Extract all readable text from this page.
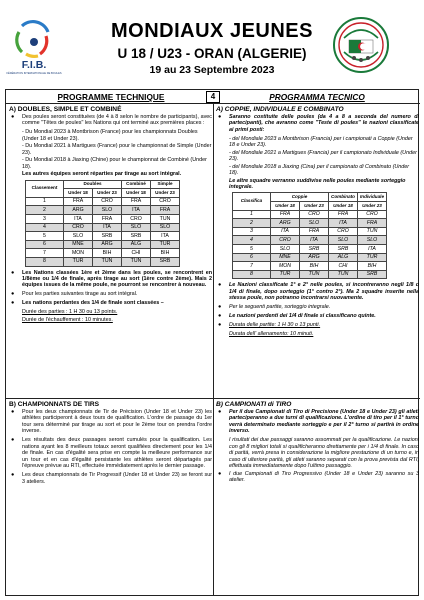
F.I.B.
FÉDÉRATION INTERNATIONALE DE BOULES
MONDIAUX JEUNES
U 18 / U23 - ORAN (ALGERIE)
19 au 23 Septembre 2023
PROGRAMME TECHNIQUE	4	PROGRAMMA TECNICO
A) DOUBLES, SIMPLE ET COMBINÉ
● Des poules seront constituées (de 4 à 8 selon le nombre de participants), avec comme "Têtes de poules" les Nations qui ont terminé aux premières places :
- Du Mondial 2023 à Montbrison (France) pour les championnats Doubles (Under 18 et Under 23).
- Du Mondial 2021 à Martigues (France) pour le championnat de Simple (Under 23).
- Du Mondial 2018 à Jiaxing (Chine) pour le championnat de Combiné (Under 18).
Les autres équipes seront réparties par tirage au sort intégral.
Classement	Doubles		Combiné	Simple
	Under 18	Under 23	Under 18	Under 23
1	FRA	CRO	FRA	CRO
2	ARG	SLO	ITA	FRA
3	ITA	FRA	CRO	TUN
4	CRO	ITA	SLO	SLO
5	SLO	SRB	SRB	ITA
6	MNE	ARG	ALG	TUR
7	MON	BIH	CHI	BIH
8	TUR	TUN	TUN	SRB
● Les Nations classées 1ère et 2ème dans les poules, se rencontrent en 1/8ème ou 1/4 de finale, après tirage au sort (1ère contre 2ème). Mais 2 équipes issues de la même poule, ne pourront se rencontrer à nouveau.
● Pour les parties suivantes tirage au sort intégral.
● Les nations perdantes des 1/4 de finale sont classées –
Durée des parties : 1 H 30 ou 13 points.
Durée de l'échauffement : 10 minutes.
B) CHAMPIONNATS DE TIRS
● Pour les deux championnats de Tir de Précision (Under 18 et Under 23) les athlètes participeront à deux tours de qualification. L'ordre de passage du 1er tour sera déterminé par tirage au sort et pour le 2ème tour on prendra l'ordre inverse.
● Les résultats des deux passages seront cumulés pour la qualification. Les nations ayant les 8 meilleurs totaux seront qualifiées directement pour les 1/4 de finale. En cas d'égalité sera prise en compte la meilleure performance sur un tour et en cas d'égalité persistante les athlètes seront départagés par l'épreuve prévue au RTI, effectuée immédiatement après le dernier passage.
● Les deux championnats de Tir Progressif (Under 18 et Under 23) se feront sur 3 ateliers.
A) COPPIE, INDIVIDUALE E COMBINATO
● Saranno costituite delle poules (da 4 a 8 a seconda del numero di partecipanti), che avranno come "Teste di poules" le nazioni classificate ai primi posti:
- del Mondiale 2023 a Montbrison (Francia) per i campionati a Coppie (Under 18 e Under 23).
- del Mondiale 2021 a Martigues (Francia) per il campionato Individuale (Under 23).
- del Mondiale 2018 a Jiaxing (Cina) per il campionato di Combinato (Under 18).
Le altre squadre verranno suddivise nelle poules mediante sorteggio integrale.
Classifica	Coppie		Combinato	Individuale
	Under 18	Under 23	Under 18	Under 23
1	FRA	CRO	FRA	CRO
2	ARG	SLO	ITA	FRA
3	ITA	FRA	CRO	TUN
4	CRO	ITA	SLO	SLO
5	SLO	SRB	SRB	ITA
6	MNE	ARG	ALG	TUR
7	MON	BIH	CHI	BIH
8	TUR	TUN	TUN	SRB
● Le Nazioni classificate 1° e 2° nelle poules, si incontreranno negli 1/8 o 1/4 di finale, dopo sorteggio (1° contro 2°). Ma 2 squadre inserite nella stessa poule, non potranno incontrarsi nuovamente.
● Per le seguenti partite, sorteggio integrale.
● Le nazioni perdenti dei 1/4 di finale si classificano quinte.
● Durata delle partite: 1 H 30 o 13 punti.
Durata dell' allenamento: 10 minuti.
B) CAMPIONATI di TIRO
● Per il due Campionati di Tiro di Precisione (Under 18 e Under 23) gli atleti parteciperanno a due turni di qualificazione. L'ordine di tiro per il 1° turno verrà determinato mediante sorteggio e per il 2° turno si partirà in ordine inverso.
I risultati dei due passaggi saranno assommati per la qualificazione. Le nazioni con gli 8 migliori totali si qualificheranno direttamente per i 1/4 di finale. In caso di parità, verrà presa in considerazione la migliore prestazione di un turno e, in caso di ulteriore parità, gli atleti saranno separati con la prova prevista dal RTI, effettuata immediatamente dopo l'ultimo passaggio.
● I due Campionati di Tiro Progressivo (Under 18 e Under 23) saranno su 3 atelier.
